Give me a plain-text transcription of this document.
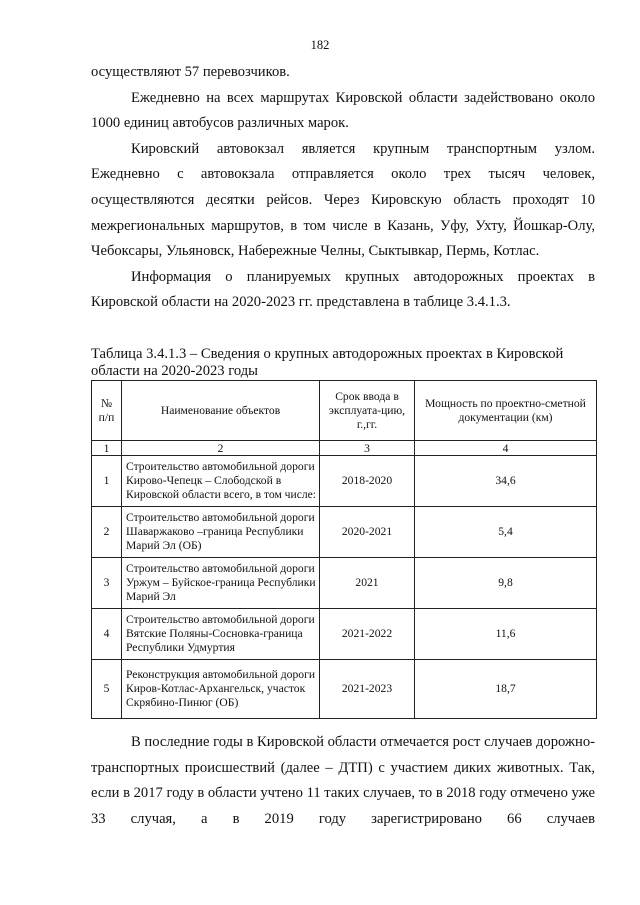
182

осуществляют 57 перевозчиков.

Ежедневно на всех маршрутах Кировской области задействовано около 1000 единиц автобусов различных марок.

Кировский автовокзал является крупным транспортным узлом. Ежедневно с автовокзала отправляется около трех тысяч человек, осуществляются десятки рейсов. Через Кировскую область проходят 10 межрегиональных маршрутов, в том числе в Казань, Уфу, Ухту, Йошкар-Олу, Чебоксары, Ульяновск, Набережные Челны, Сыктывкар, Пермь, Котлас.

Информация о планируемых крупных автодорожных проектах в Кировской области на 2020-2023 гг. представлена в таблице 3.4.1.3.

Таблица 3.4.1.3 – Сведения о крупных автодорожных проектах в Кировской области на 2020-2023 годы
№ п/п	Наименование объектов	Срок ввода в эксплуата-цию, г.,гг.	Мощность по проектно-сметной документации (км)
1	2	3	4
1	Строительство автомобильной дороги Кирово-Чепецк – Слободской в Кировской области всего, в том числе:	2018-2020	34,6
2	Строительство автомобильной дороги Шаваржаково –граница Республики Марий Эл (ОБ)	2020-2021	5,4
3	Строительство автомобильной дороги Уржум – Буйское-граница Республики Марий Эл	2021	9,8
4	Строительство автомобильной дороги Вятские Поляны-Сосновка-граница Республики Удмуртия	2021-2022	11,6
5	Реконструкция автомобильной дороги Киров-Котлас-Архангельск, участок Скрябино-Пинюг (ОБ)	2021-2023	18,7

В последние годы в Кировской области отмечается рост случаев дорожно-транспортных происшествий (далее – ДТП) с участием диких животных. Так, если в 2017 году в области учтено 11 таких случаев, то в 2018 году отмечено уже 33 случая, а в 2019 году зарегистрировано 66 случаев
